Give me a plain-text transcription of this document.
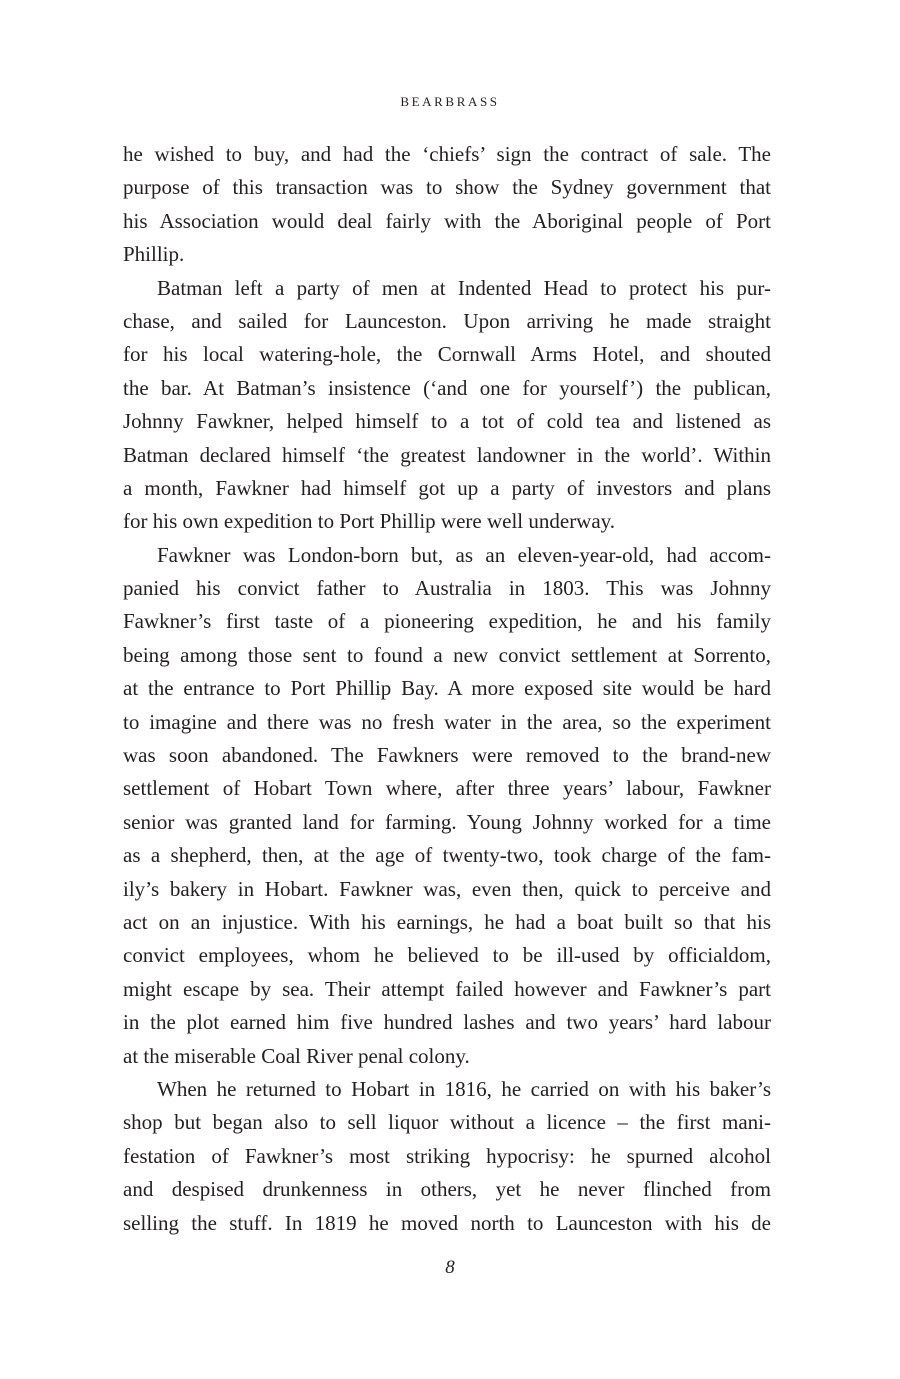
BEARBRASS
he wished to buy, and had the ‘chiefs’ sign the contract of sale. The
purpose of this transaction was to show the Sydney government that
his Association would deal fairly with the Aboriginal people of Port
Phillip.
Batman left a party of men at Indented Head to protect his pur-
chase, and sailed for Launceston. Upon arriving he made straight
for his local watering-hole, the Cornwall Arms Hotel, and shouted
the bar. At Batman’s insistence (‘and one for yourself’) the publican,
Johnny Fawkner, helped himself to a tot of cold tea and listened as
Batman declared himself ‘the greatest landowner in the world’. Within
a month, Fawkner had himself got up a party of investors and plans
for his own expedition to Port Phillip were well underway.
Fawkner was London-born but, as an eleven-year-old, had accom-
panied his convict father to Australia in 1803. This was Johnny
Fawkner’s first taste of a pioneering expedition, he and his family
being among those sent to found a new convict settlement at Sorrento,
at the entrance to Port Phillip Bay. A more exposed site would be hard
to imagine and there was no fresh water in the area, so the experiment
was soon abandoned. The Fawkners were removed to the brand-new
settlement of Hobart Town where, after three years’ labour, Fawkner
senior was granted land for farming. Young Johnny worked for a time
as a shepherd, then, at the age of twenty-two, took charge of the fam-
ily’s bakery in Hobart. Fawkner was, even then, quick to perceive and
act on an injustice. With his earnings, he had a boat built so that his
convict employees, whom he believed to be ill-used by officialdom,
might escape by sea. Their attempt failed however and Fawkner’s part
in the plot earned him five hundred lashes and two years’ hard labour
at the miserable Coal River penal colony.
When he returned to Hobart in 1816, he carried on with his baker’s
shop but began also to sell liquor without a licence – the first mani-
festation of Fawkner’s most striking hypocrisy: he spurned alcohol
and despised drunkenness in others, yet he never flinched from
selling the stuff. In 1819 he moved north to Launceston with his de
8
